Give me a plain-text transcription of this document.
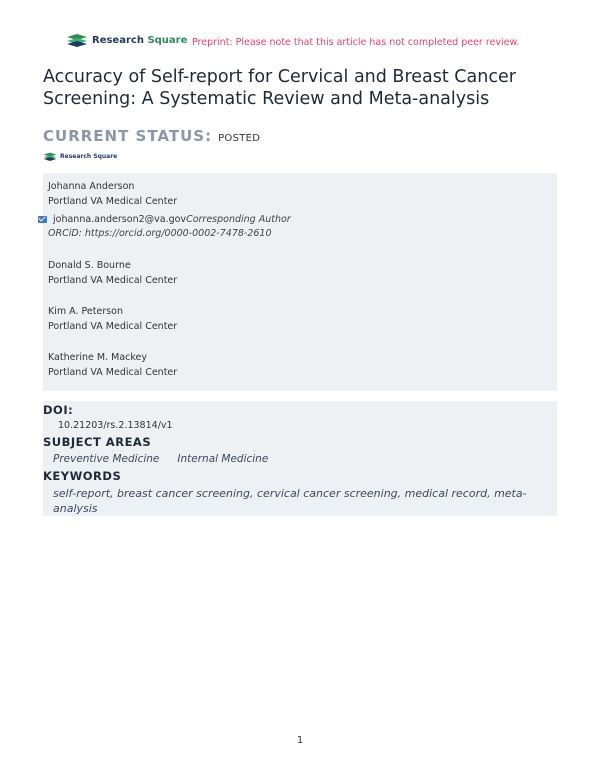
Research Square Preprint: Please note that this article has not completed peer review.
Accuracy of Self-report for Cervical and Breast Cancer Screening: A Systematic Review and Meta-analysis
CURRENT STATUS: POSTED
Research Square
Johanna Anderson
Portland VA Medical Center
johanna.anderson2@va.gov Corresponding Author
ORCiD: https://orcid.org/0000-0002-7478-2610
Donald S. Bourne
Portland VA Medical Center
Kim A. Peterson
Portland VA Medical Center
Katherine M. Mackey
Portland VA Medical Center
DOI:
10.21203/rs.2.13814/v1
SUBJECT AREAS
Preventive Medicine Internal Medicine
KEYWORDS
self-report, breast cancer screening, cervical cancer screening, medical record, meta-analysis
1
